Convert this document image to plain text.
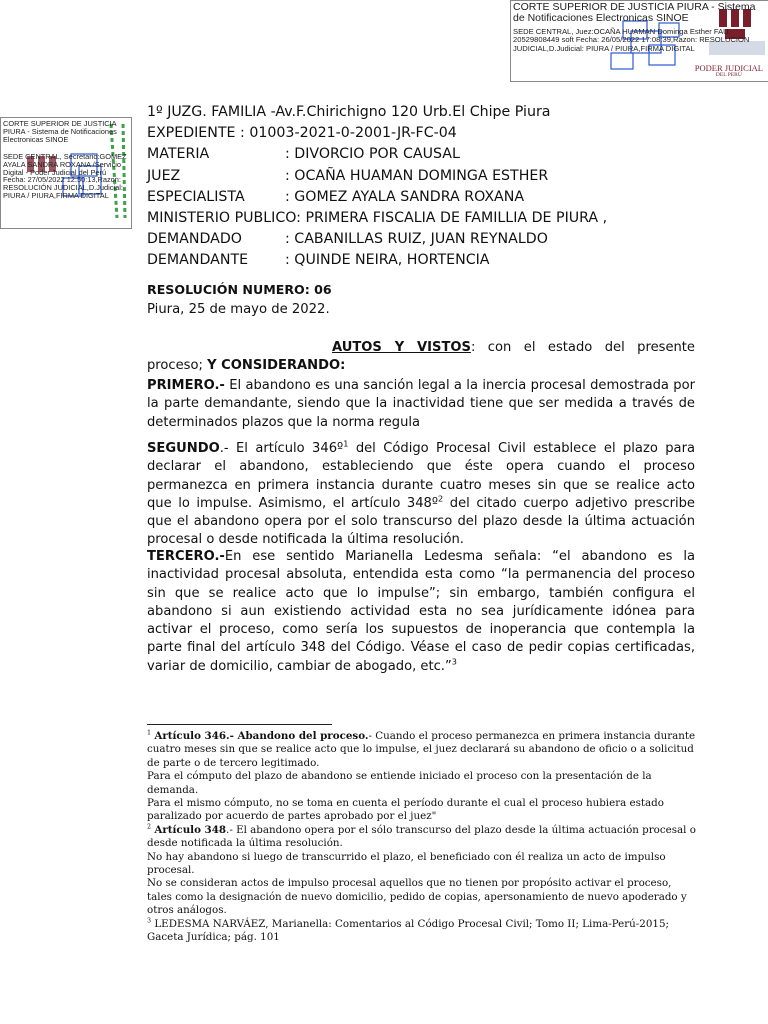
CORTE SUPERIOR DE JUSTICIA PIURA - Sistema de Notificaciones Electronicas SINOE
SEDE CENTRAL, Juez:OCAÑA HUAMAN Dominga Esther FAU 20529808449 soft Fecha: 26/05/2022 17:08:39,Razon: RESOLUCION JUDICIAL,D.Judicial: PIURA / PIURA,FIRMA DIGITAL
PODER JUDICIAL
DEL PERÚ
CORTE SUPERIOR DE JUSTICIA PIURA - Sistema de Notificaciones Electronicas SINOE
SEDE CENTRAL, Secretario:GOMEZ AYALA SANDRA ROXANA /Servicio Digital - Poder Judicial del Perú Fecha: 27/05/2022 12:50:13,Razon: RESOLUCIÓN JUDICIAL,D.Judicial: PIURA / PIURA,FIRMA DIGITAL
1º JUZG. FAMILIA -Av.F.Chirichigno 120 Urb.El Chipe Piura
EXPEDIENTE : 01003-2021-0-2001-JR-FC-04
MATERIA	: DIVORCIO POR CAUSAL
JUEZ	: OCAÑA HUAMAN DOMINGA ESTHER
ESPECIALISTA	: GOMEZ AYALA SANDRA ROXANA
MINISTERIO PUBLICO: PRIMERA FISCALIA DE FAMILLIA DE PIURA ,
DEMANDADO	: CABANILLAS RUIZ, JUAN REYNALDO
DEMANDANTE	: QUINDE NEIRA, HORTENCIA
RESOLUCIÓN NUMERO: 06
Piura, 25 de mayo de 2022.
AUTOS Y VISTOS: con el estado del presente proceso; Y CONSIDERANDO:
PRIMERO.- El abandono es una sanción legal a la inercia procesal demostrada por la parte demandante, siendo que la inactividad tiene que ser medida a través de determinados plazos que la norma regula
SEGUNDO.- El artículo 346º$^1$ del Código Procesal Civil establece el plazo para declarar el abandono, estableciendo que éste opera cuando el proceso permanezca en primera instancia durante cuatro meses sin que se realice acto que lo impulse. Asimismo, el artículo 348º$^2$ del citado cuerpo adjetivo prescribe que el abandono opera por el solo transcurso del plazo desde la última actuación procesal o desde notificada la última resolución.
TERCERO.-En ese sentido Marianella Ledesma señala: “el abandono es la inactividad procesal absoluta, entendida esta como “la permanencia del proceso sin que se realice acto que lo impulse”; sin embargo, también configura el abandono si aun existiendo actividad esta no sea jurídicamente idónea para activar el proceso, como sería los supuestos de inoperancia que contempla la parte final del artículo 348 del Código. Véase el caso de pedir copias certificadas, variar de domicilio, cambiar de abogado, etc.”$^3$

$^1$ Artículo 346.- Abandono del proceso.- Cuando el proceso permanezca en primera instancia durante cuatro meses sin que se realice acto que lo impulse, el juez declarará su abandono de oficio o a solicitud de parte o de tercero legitimado.

Para el cómputo del plazo de abandono se entiende iniciado el proceso con la presentación de la demanda.

Para el mismo cómputo, no se toma en cuenta el período durante el cual el proceso hubiera estado paralizado por acuerdo de partes aprobado por el juez"

$^2$ Artículo 348.- El abandono opera por el sólo transcurso del plazo desde la última actuación procesal o desde notificada la última resolución.

No hay abandono si luego de transcurrido el plazo, el beneficiado con él realiza un acto de impulso procesal.

No se consideran actos de impulso procesal aquellos que no tienen por propósito activar el proceso, tales como la designación de nuevo domicilio, pedido de copias, apersonamiento de nuevo apoderado y otros análogos.

$^3$ LEDESMA NARVÁEZ, Marianella: Comentarios al Código Procesal Civil; Tomo II; Lima-Perú-2015; Gaceta Jurídica; pág. 101
